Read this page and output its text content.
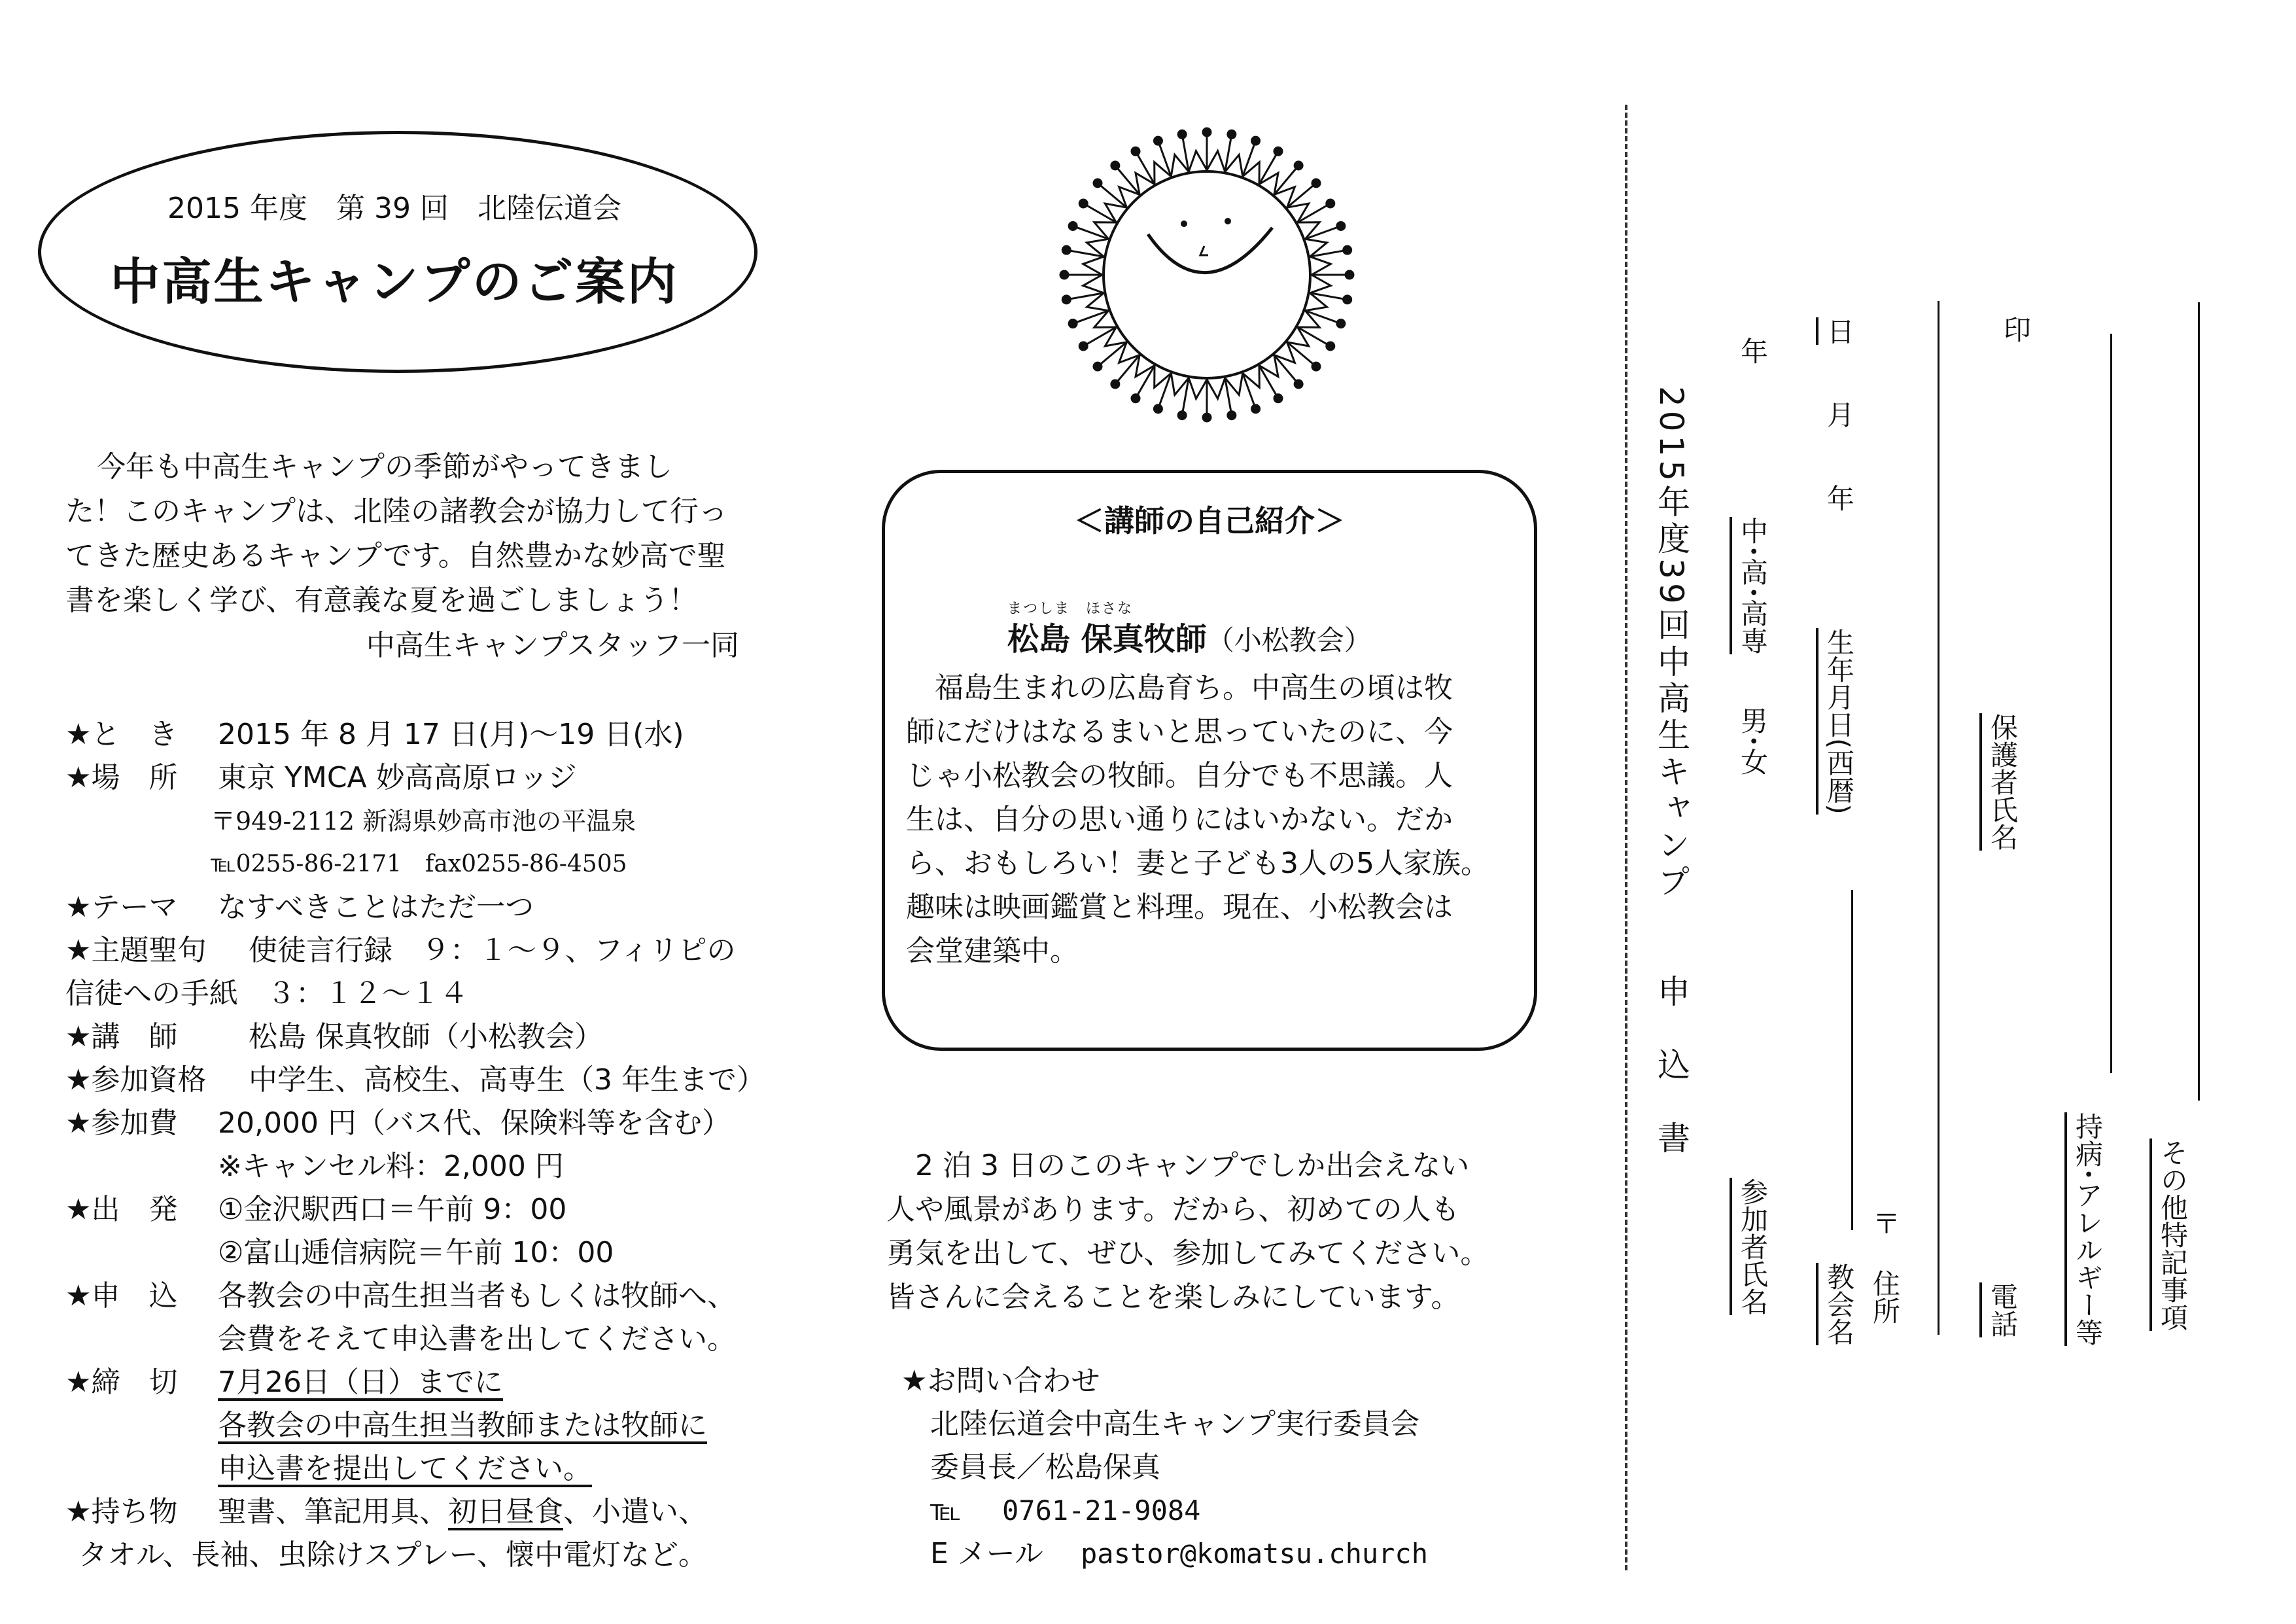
2015 年度　第 39 回　北陸伝道会
中高生キャンプのご案内
今年も中高生キャンプの季節がやってきまし
た！このキャンプは、北陸の諸教会が協力して行っ
てきた歴史あるキャンプです。自然豊かな妙高で聖
書を楽しく学び、有意義な夏を過ごしましょう！
中高生キャンプスタッフ一同
★と　き 2015 年 8 月 17 日(月)～19 日(水)
★場　所 東京 YMCA 妙高高原ロッジ
〒949-2112 新潟県妙高市池の平温泉
℡0255-86-2171　fax0255-86-4505
★テーマ なすべきことはただ一つ
★主題聖句 使徒言行録　９：１～９、フィリピの
信徒への手紙　３：１２～１４
★講　師 松島 保真牧師（小松教会）
★参加資格 中学生、高校生、高専生（3 年生まで）
★参加費 20,000 円（バス代、保険料等を含む）
※キャンセル料：2,000 円
★出　発 ①金沢駅西口＝午前 9：00
②富山逓信病院＝午前 10：00
★申　込 各教会の中高生担当者もしくは牧師へ、
会費をそえて申込書を出してください。
★締　切 7月26日（日）までに
各教会の中高生担当教師または牧師に
申込書を提出してください。
★持ち物 聖書、筆記用具、初日昼食、小遣い、
タオル、長袖、虫除けスプレー、懐中電灯など。
＜講師の自己紹介＞
まつしま　ほさな
松島 保真牧師（小松教会）
福島生まれの広島育ち。中高生の頃は牧
師にだけはなるまいと思っていたのに、今
じゃ小松教会の牧師。自分でも不思議。人
生は、自分の思い通りにはいかない。だか
ら、おもしろい！妻と子ども3人の5人家族。
趣味は映画鑑賞と料理。現在、小松教会は
会堂建築中。
2 泊 3 日のこのキャンプでしか出会えない
人や風景があります。だから、初めての人も
勇気を出して、ぜひ、参加してみてください。
皆さんに会えることを楽しみにしています。
★お問い合わせ
北陸伝道会中高生キャンプ実行委員会
委員長／松島保真
℡ 0761-21-9084
E メール pastor@komatsu.church
2015年度39回中高生キャンプ　　申　込　書
参加者氏名
男･女
中･高･高専
年
教会名
生年月日(西暦)
年
月
日
住所
〒
電話
保護者氏名
印
持病･アレルギー等 その他特記事項
